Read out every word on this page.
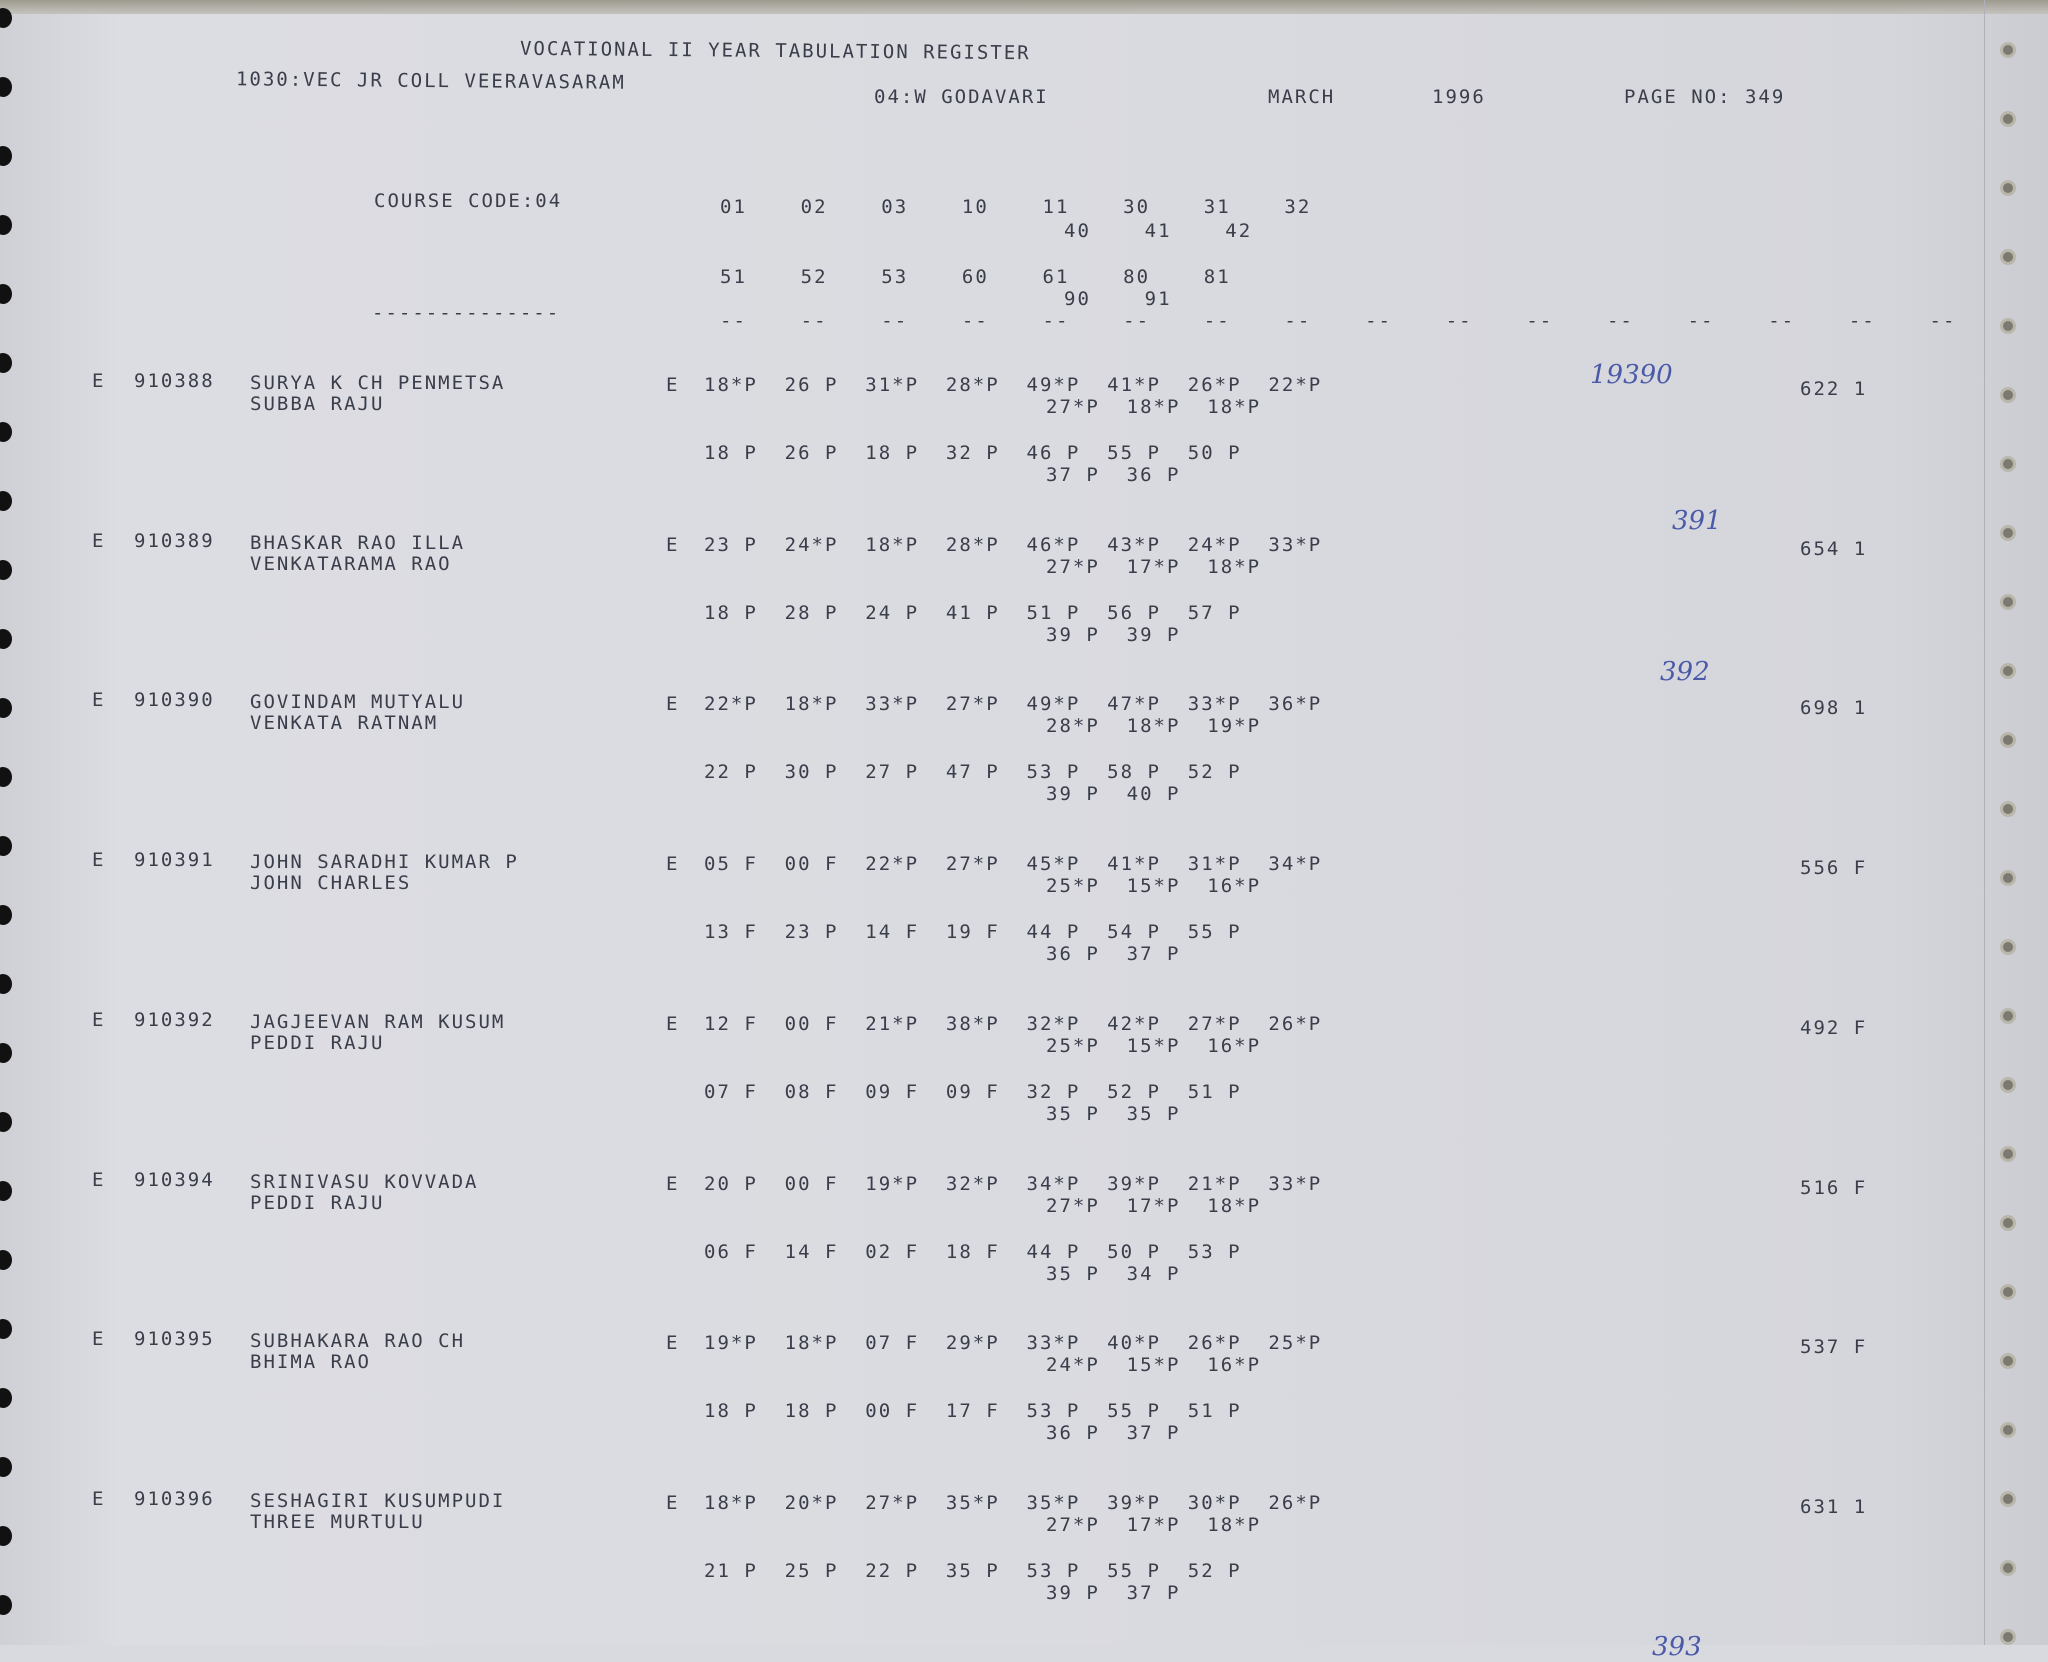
VOCATIONAL II YEAR TABULATION REGISTER
1030:VEC JR COLL VEERAVASARAM
04:W GODAVARI	MARCH	1996	PAGE NO: 349
COURSE CODE:04	01    02    03    10    11    30    31    32
40    41    42
51    52    53    60    61    80    81
90    91
--------------	--    --    --    --    --    --    --    --    --    --    --    --    --    --    --    --
E 910388 SURYA K CH PENMETSA
SUBBA RAJU
E 18*P  26 P  31*P  28*P  49*P  41*P  26*P  22*P
27*P  18*P  18*P
18 P  26 P  18 P  32 P  46 P  55 P  50 P
37 P  36 P
622 1
19390
E 910389 BHASKAR RAO ILLA
VENKATARAMA RAO
E 23 P  24*P  18*P  28*P  46*P  43*P  24*P  33*P
27*P  17*P  18*P
18 P  28 P  24 P  41 P  51 P  56 P  57 P
39 P  39 P
654 1
391
E 910390 GOVINDAM MUTYALU
VENKATA RATNAM
E 22*P  18*P  33*P  27*P  49*P  47*P  33*P  36*P
28*P  18*P  19*P
22 P  30 P  27 P  47 P  53 P  58 P  52 P
39 P  40 P
698 1
392
E 910391 JOHN SARADHI KUMAR P
JOHN CHARLES
E 05 F  00 F  22*P  27*P  45*P  41*P  31*P  34*P
25*P  15*P  16*P
13 F  23 P  14 F  19 F  44 P  54 P  55 P
36 P  37 P
556 F
E 910392 JAGJEEVAN RAM KUSUM
PEDDI RAJU
E 12 F  00 F  21*P  38*P  32*P  42*P  27*P  26*P
25*P  15*P  16*P
07 F  08 F  09 F  09 F  32 P  52 P  51 P
35 P  35 P
492 F
E 910394 SRINIVASU KOVVADA
PEDDI RAJU
E 20 P  00 F  19*P  32*P  34*P  39*P  21*P  33*P
27*P  17*P  18*P
06 F  14 F  02 F  18 F  44 P  50 P  53 P
35 P  34 P
516 F
E 910395 SUBHAKARA RAO CH
BHIMA RAO
E 19*P  18*P  07 F  29*P  33*P  40*P  26*P  25*P
24*P  15*P  16*P
18 P  18 P  00 F  17 F  53 P  55 P  51 P
36 P  37 P
537 F
E 910396 SESHAGIRI KUSUMPUDI
THREE MURTULU
E 18*P  20*P  27*P  35*P  35*P  39*P  30*P  26*P
27*P  17*P  18*P
21 P  25 P  22 P  35 P  53 P  55 P  52 P
39 P  37 P
631 1
393
